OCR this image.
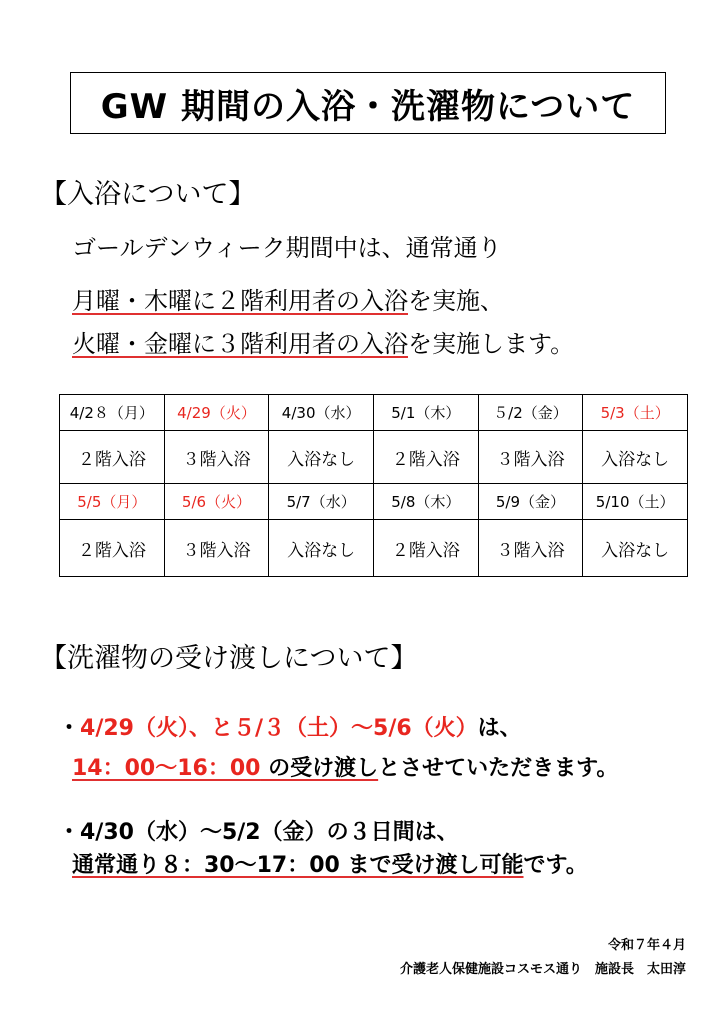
GW 期間の入浴・洗濯物について
【入浴について】
ゴールデンウィーク期間中は、通常通り
月曜・木曜に２階利用者の入浴を実施、
火曜・金曜に３階利用者の入浴を実施します。
4/2８（月）	4/29（火）	4/30（水）	5/1（木）	５/2（金）	5/3（土）
２階入浴	３階入浴	入浴なし	２階入浴	３階入浴	入浴なし
5/5（月）	5/6（火）	5/7（水）	5/8（木）	5/9（金）	5/10（土）
２階入浴	３階入浴	入浴なし	２階入浴	３階入浴	入浴なし
【洗濯物の受け渡しについて】
・4/29（火）、と５/３（土）～5/6（火）は、
14：00～16：00 の受け渡しとさせていただきます。
・4/30（水）～5/2（金）の３日間は、
通常通り８：30～17：00 まで受け渡し可能です。
令和７年４月
介護老人保健施設コスモス通り　施設長　太田淳
